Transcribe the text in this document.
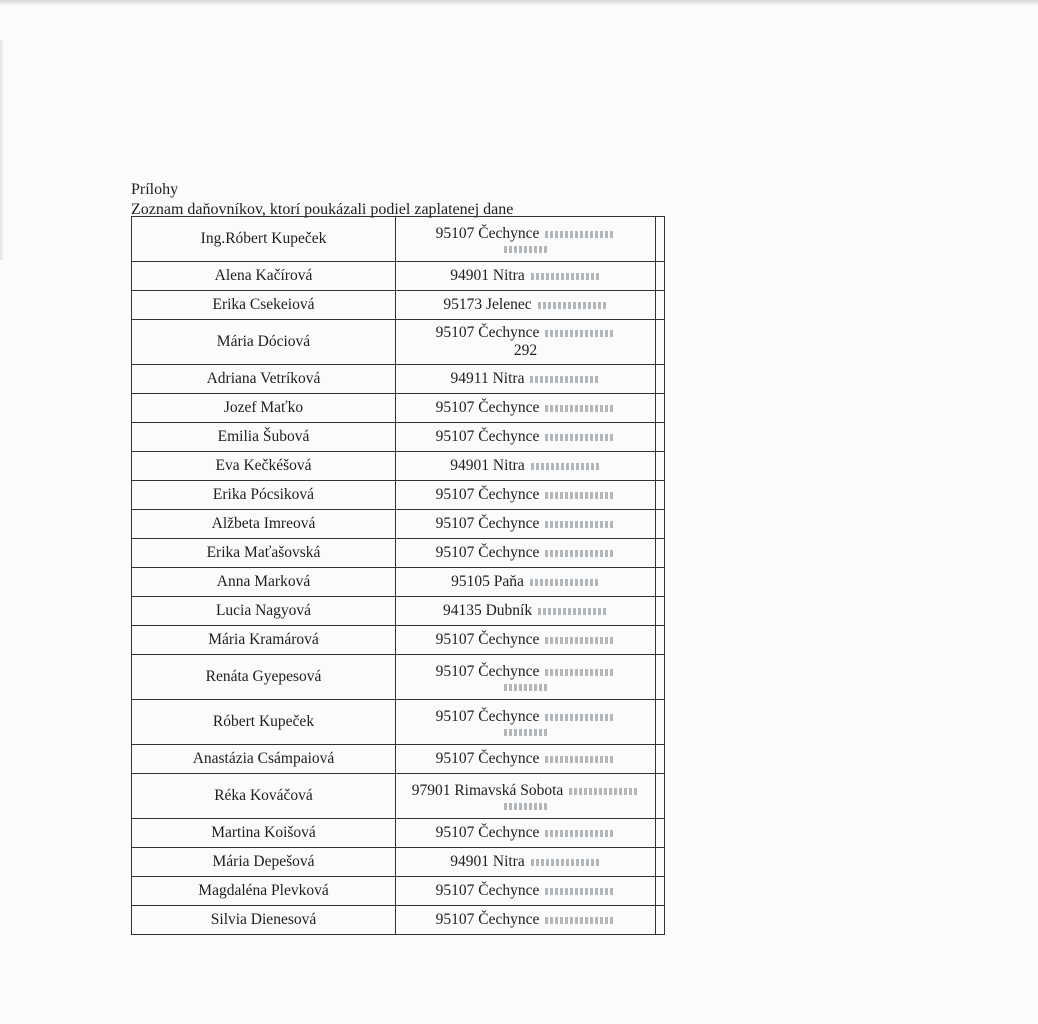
Prílohy
Zoznam daňovníkov, ktorí poukázali podiel zaplatenej dane
Ing.Róbert Kupeček	95107 Čechynce

Alena Kačírová	94901 Nitra	
Erika Csekeiová	95173 Jelenec	
Mária Dóciová	95107 Čechynce
292	

Adriana Vetríková	94911 Nitra	
Jozef Maťko	95107 Čechynce	
Emilia Šubová	95107 Čechynce	
Eva Kečkéšová	94901 Nitra	
Erika Pócsiková	95107 Čechynce	
Alžbeta Imreová	95107 Čechynce	
Erika Maťašovská	95107 Čechynce	
Anna Marková	95105 Paňa	
Lucia Nagyová	94135 Dubník	
Mária Kramárová	95107 Čechynce	
Renáta Gyepesová	95107 Čechynce

Róbert Kupeček	95107 Čechynce

Anastázia Csámpaiová	95107 Čechynce	
Réka Kováčová	97901 Rimavská Sobota

Martina Koišová	95107 Čechynce	
Mária Depešová	94901 Nitra	
Magdaléna Plevková	95107 Čechynce	
Silvia Dienesová	95107 Čechynce	
